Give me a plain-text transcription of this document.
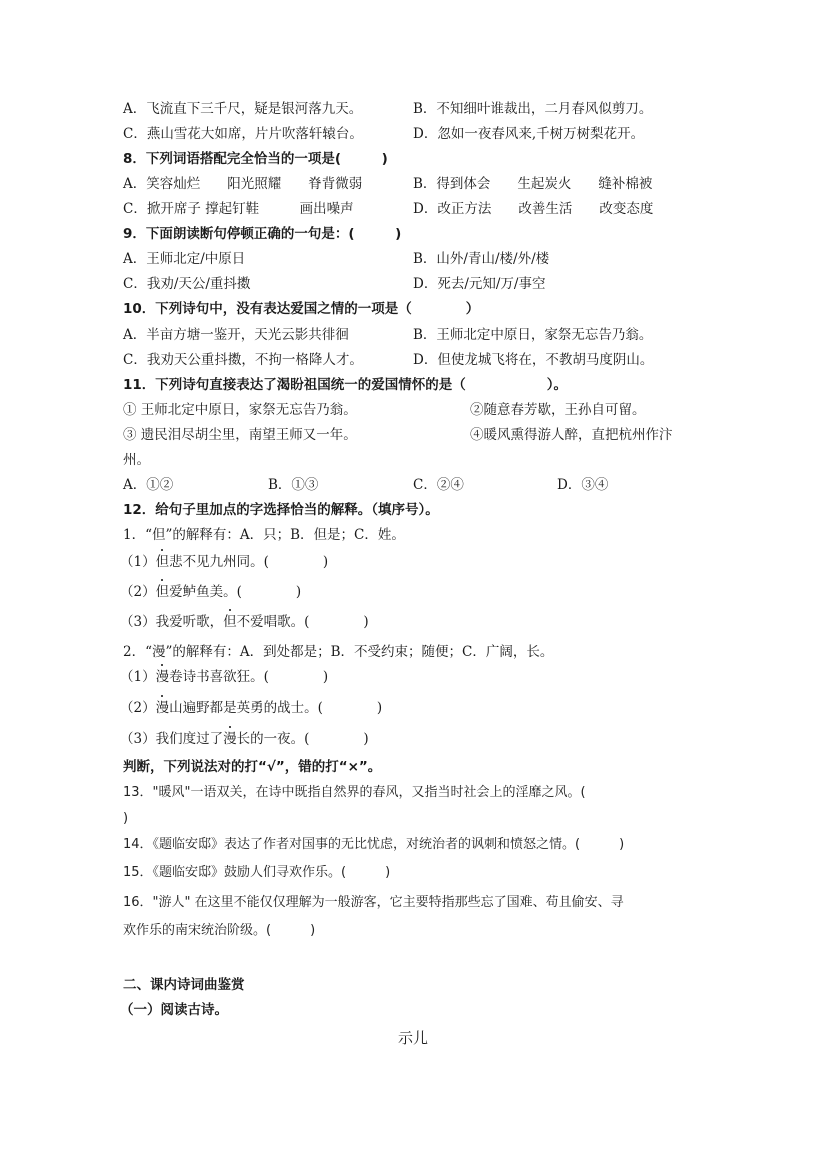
A．飞流直下三千尺，疑是银河落九天。	B．不知细叶谁裁出，二月春风似剪刀。
C．燕山雪花大如席，片片吹落轩辕台。	D．忽如一夜春风来,千树万树梨花开。
8．下列词语搭配完全恰当的一项是(　　　)
A．笑容灿烂　　阳光照耀　　脊背微弱	B．得到体会　　生起炭火　　缝补棉被
C．掀开席子 撑起钉鞋　　　画出噪声	D．改正方法　　改善生活　　改变态度
9．下面朗读断句停顿正确的一句是：(　　　)
A．王师北定/中原日	B．山外/青山/楼/外/楼
C．我劝/天公/重抖擞	D．死去/元知/万/事空
10．下列诗句中，没有表达爱国之情的一项是（　　　　）
A．半亩方塘一鉴开，天光云影共徘徊	B．王师北定中原日，家祭无忘告乃翁。
C．我劝天公重抖擞，不拘一格降人才。	D．但使龙城飞将在，不教胡马度阴山。
11．下列诗句直接表达了渴盼祖国统一的爱国情怀的是（　　　　　　）。
① 王师北定中原日，家祭无忘告乃翁。	②随意春芳歇，王孙自可留。
③ 遗民泪尽胡尘里，南望王师又一年。	④暖风熏得游人醉，直把杭州作汴
州。
A．①②	B．①③	C．②④	D．③④
12．给句子里加点的字选择恰当的解释。（填序号）。
1．“但”的解释有：A．只；B．但是；C．姓。
（1）但悲不见九州同。(　　　　)
（2）但爱鲈鱼美。(　　　　)
（3）我爱听歌，但不爱唱歌。(　　　　)
2．“漫”的解释有：A．到处都是；B．不受约束；随便；C．广阔，长。
（1）漫卷诗书喜欲狂。(　　　　)
（2）漫山遍野都是英勇的战士。(　　　　)
（3）我们度过了漫长的一夜。(　　　　)
判断，下列说法对的打“√”，错的打“×”。
13．"暖风"一语双关，在诗中既指自然界的春风，又指当时社会上的淫靡之风。(
)
14．《题临安邸》表达了作者对国事的无比忧虑，对统治者的讽刺和愤怒之情。(　　　)
15．《题临安邸》鼓励人们寻欢作乐。(　　　)
16．"游人" 在这里不能仅仅理解为一般游客，它主要特指那些忘了国难、苟且偷安、寻
欢作乐的南宋统治阶级。(　　　)
二、课内诗词曲鉴赏
（一）阅读古诗。
示儿
